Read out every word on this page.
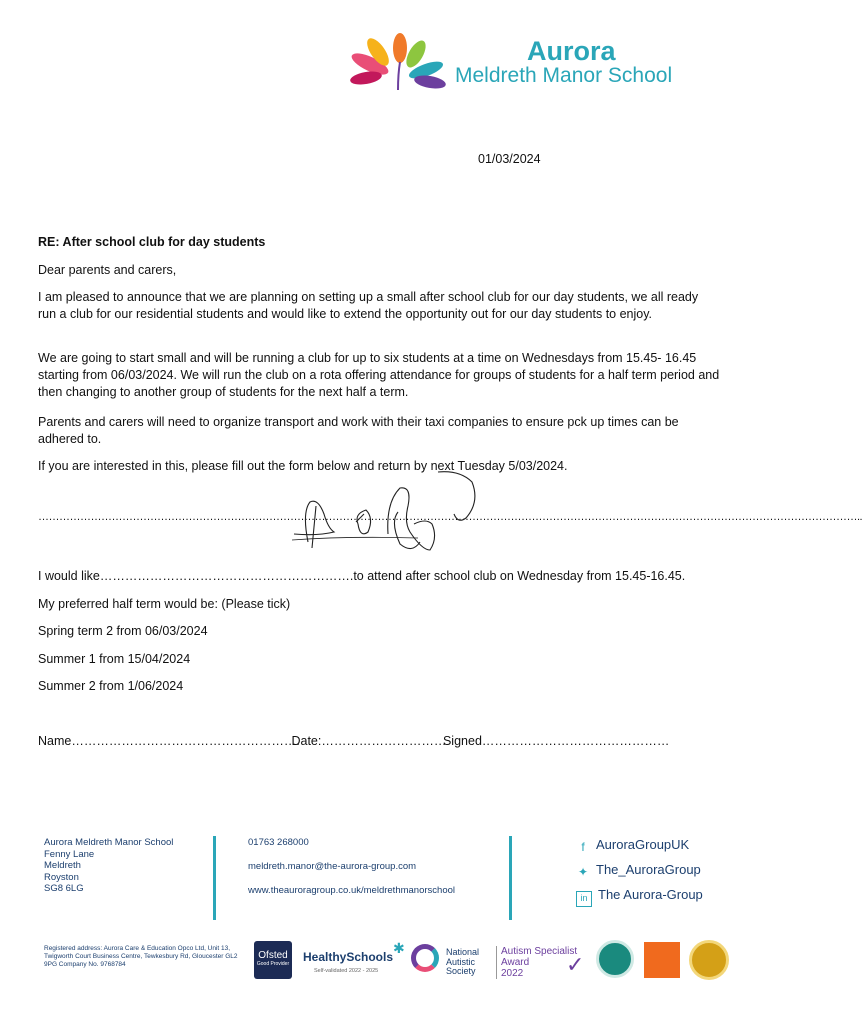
Aurora
Meldreth Manor School
01/03/2024

RE: After school club for day students

Dear parents and carers,

I am pleased to announce that we are planning on setting up a small after school club for our day students, we all ready run a club for our residential students and would like to extend the opportunity out for our day students to enjoy.

We are going to start small and will be running a club for up to six students at a time on Wednesdays from 15.45- 16.45 starting from 06/03/2024. We will run the club on a rota offering attendance for groups of students for a half term period and then changing to another group of students for the next half a term.

Parents and carers will need to organize transport and work with their taxi companies to ensure pck up times can be adhered to.

If you are interested in this, please fill out the form below and return by next Tuesday 5/03/2024.

………………………………………………………………………………………………………………………………………………………………………………………………………………..
I would like…………………………………………………….to attend after school club on Wednesday from 15.45-16.45.

My preferred half term would be: (Please tick)

Spring term 2 from 06/03/2024

Summer 1 from 15/04/2024

Summer 2 from 1/06/2024

Name………………………………………………. Date:………………………… Signed………………………………………
Aurora Meldreth Manor School
Fenny Lane
Meldreth
Royston
SG8 6LG
01763 268000
meldreth.manor@the-aurora-group.com
www.theauroragroup.co.uk/meldrethmanorschool
f AuroraGroupUK
✦ The_AuroraGroup
in The Aurora-Group
Registered address: Aurora Care & Education Opco Ltd, Unit 13, Twigworth Court Business Centre, Tewkesbury Rd, Gloucester GL2 9PG Company No. 9768784
Ofsted
Good Provider HealthySchools
Self-validated 2022 - 2025
✱	National
Autistic
Society
Autism Specialist
Award
2022	✓
